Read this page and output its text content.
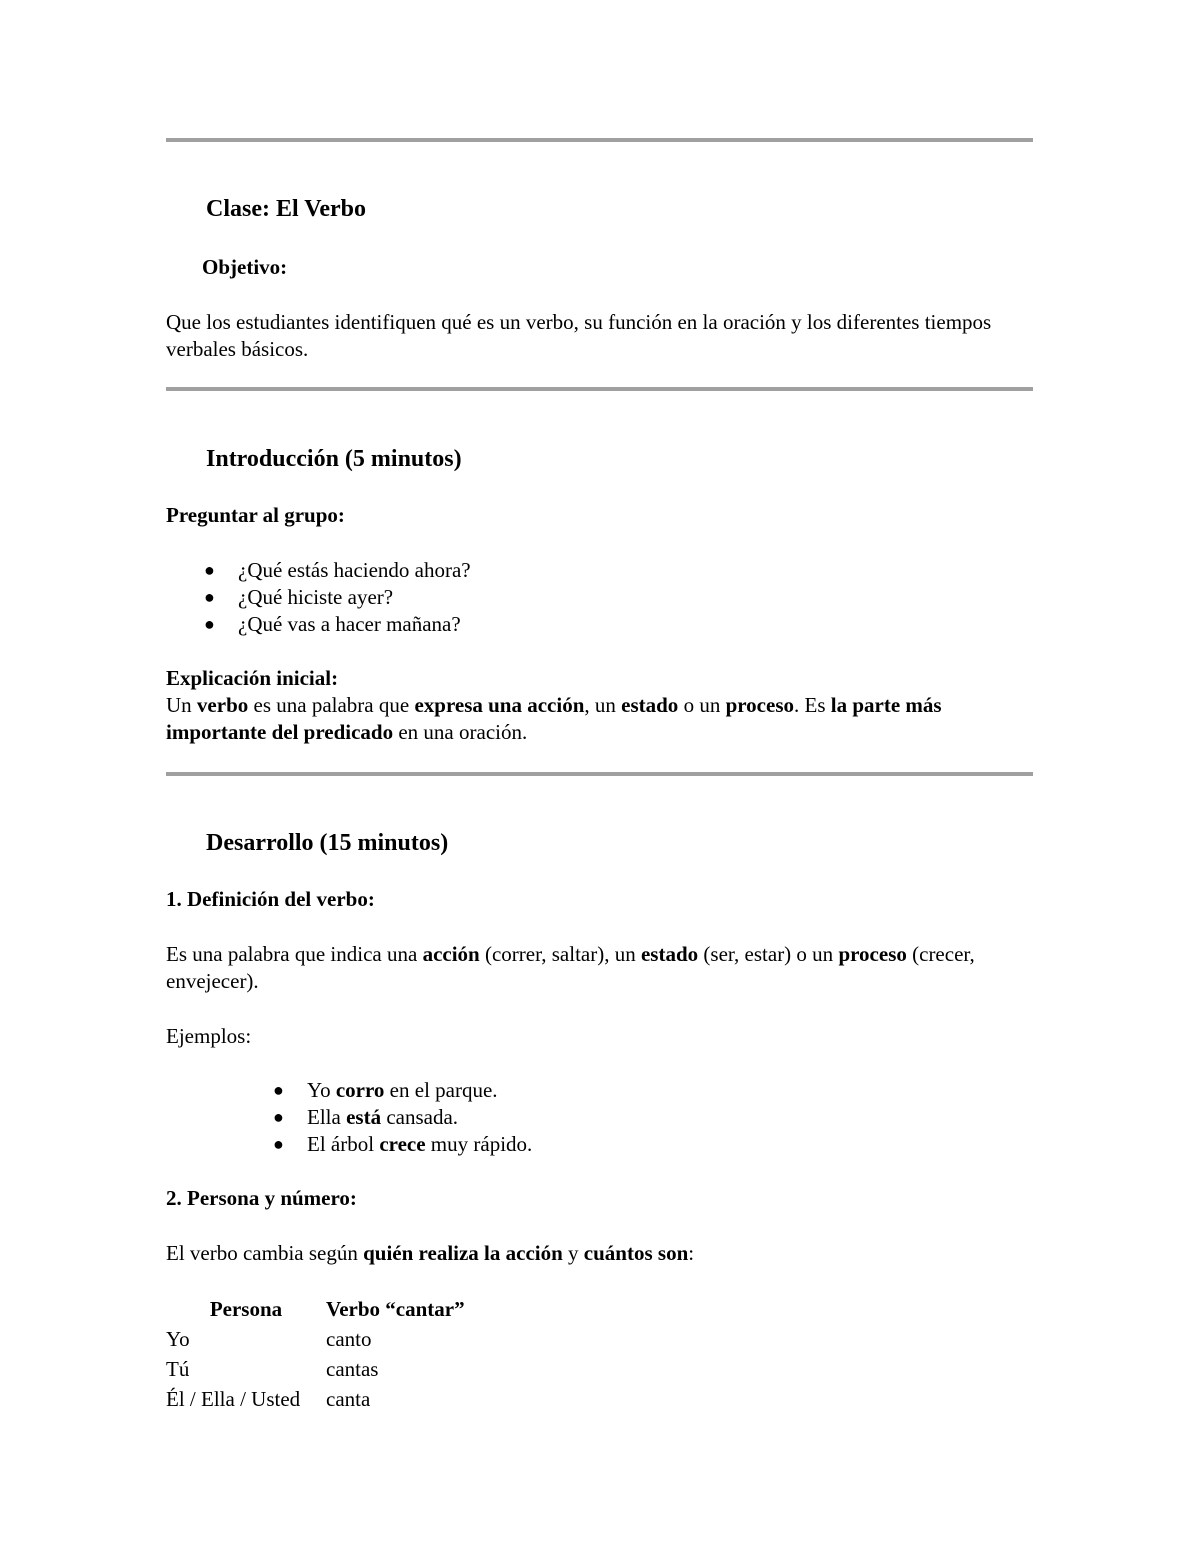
Clase: El Verbo
Objetivo:
Que los estudiantes identifiquen qué es un verbo, su función en la oración y los diferentes tiempos verbales básicos.
Introducción (5 minutos)
Preguntar al grupo:
● ¿Qué estás haciendo ahora?
● ¿Qué hiciste ayer?
● ¿Qué vas a hacer mañana?
Explicación inicial:
Un verbo es una palabra que expresa una acción, un estado o un proceso. Es la parte más importante del predicado en una oración.
Desarrollo (15 minutos)
1. Definición del verbo:
Es una palabra que indica una acción (correr, saltar), un estado (ser, estar) o un proceso (crecer, envejecer).
Ejemplos:
● Yo corro en el parque.
● Ella está cansada.
● El árbol crece muy rápido.
2. Persona y número:
El verbo cambia según quién realiza la acción y cuántos son:
Persona	Verbo “cantar”
Yo	canto
Tú	cantas
Él / Ella / Usted	canta
